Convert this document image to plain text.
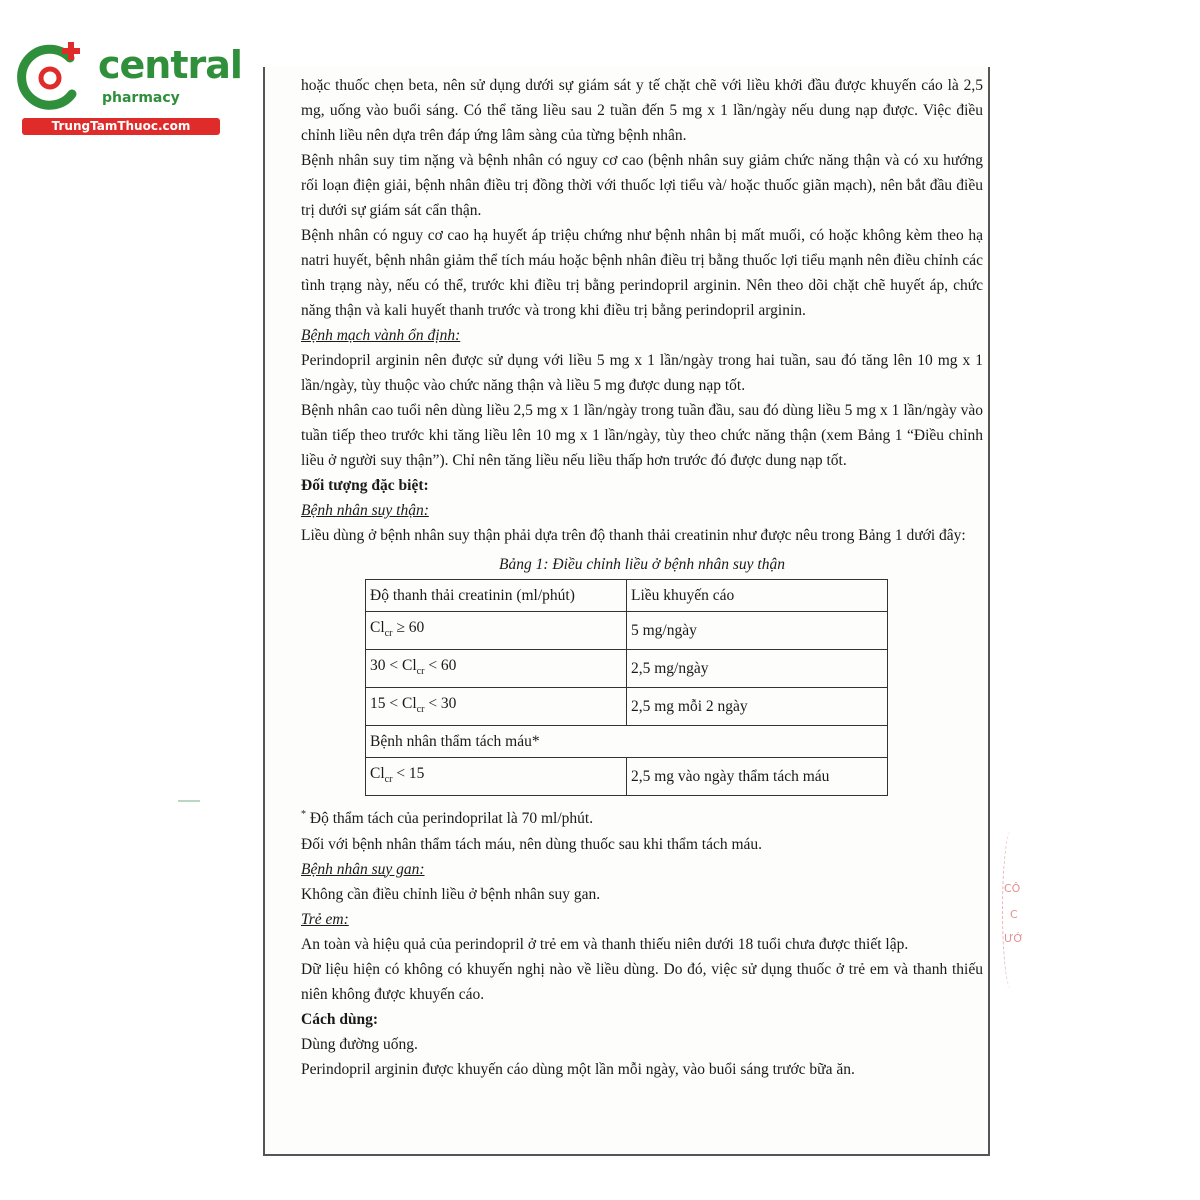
central
pharmacy
TrungTamThuoc.com

hoặc thuốc chẹn beta, nên sử dụng dưới sự giám sát y tế chặt chẽ với liều khởi đầu được khuyến cáo là 2,5 mg, uống vào buổi sáng. Có thể tăng liều sau 2 tuần đến 5 mg x 1 lần/ngày nếu dung nạp được. Việc điều chỉnh liều nên dựa trên đáp ứng lâm sàng của từng bệnh nhân.

Bệnh nhân suy tim nặng và bệnh nhân có nguy cơ cao (bệnh nhân suy giảm chức năng thận và có xu hướng rối loạn điện giải, bệnh nhân điều trị đồng thời với thuốc lợi tiểu và/ hoặc thuốc giãn mạch), nên bắt đầu điều trị dưới sự giám sát cẩn thận.

Bệnh nhân có nguy cơ cao hạ huyết áp triệu chứng như bệnh nhân bị mất muối, có hoặc không kèm theo hạ natri huyết, bệnh nhân giảm thể tích máu hoặc bệnh nhân điều trị bằng thuốc lợi tiểu mạnh nên điều chỉnh các tình trạng này, nếu có thể, trước khi điều trị bằng perindopril arginin. Nên theo dõi chặt chẽ huyết áp, chức năng thận và kali huyết thanh trước và trong khi điều trị bằng perindopril arginin.

Bệnh mạch vành ổn định:

Perindopril arginin nên được sử dụng với liều 5 mg x 1 lần/ngày trong hai tuần, sau đó tăng lên 10 mg x 1 lần/ngày, tùy thuộc vào chức năng thận và liều 5 mg được dung nạp tốt.

Bệnh nhân cao tuổi nên dùng liều 2,5 mg x 1 lần/ngày trong tuần đầu, sau đó dùng liều 5 mg x 1 lần/ngày vào tuần tiếp theo trước khi tăng liều lên 10 mg x 1 lần/ngày, tùy theo chức năng thận (xem Bảng 1 “Điều chỉnh liều ở người suy thận”). Chỉ nên tăng liều nếu liều thấp hơn trước đó được dung nạp tốt.

Đối tượng đặc biệt:

Bệnh nhân suy thận:

Liều dùng ở bệnh nhân suy thận phải dựa trên độ thanh thải creatinin như được nêu trong Bảng 1 dưới đây:

Bảng 1: Điều chỉnh liều ở bệnh nhân suy thận

Độ thanh thải creatinin (ml/phút)	Liều khuyến cáo
$Cl_{cr} \ge 60$	5 mg/ngày
$30 < Cl_{cr} < 60$	2,5 mg/ngày
$15 < Cl_{cr} < 30$	2,5 mg mỗi 2 ngày
Bệnh nhân thẩm tách máu*	
$Cl_{cr} < 15$	2,5 mg vào ngày thẩm tách máu

* Độ thẩm tách của perindoprilat là 70 ml/phút.

Đối với bệnh nhân thẩm tách máu, nên dùng thuốc sau khi thẩm tách máu.

Bệnh nhân suy gan:

Không cần điều chỉnh liều ở bệnh nhân suy gan.

Trẻ em:

An toàn và hiệu quả của perindopril ở trẻ em và thanh thiếu niên dưới 18 tuổi chưa được thiết lập.

Dữ liệu hiện có không có khuyến nghị nào về liều dùng. Do đó, việc sử dụng thuốc ở trẻ em và thanh thiếu niên không được khuyến cáo.

Cách dùng:

Dùng đường uống.

Perindopril arginin được khuyến cáo dùng một lần mỗi ngày, vào buổi sáng trước bữa ăn.

CÔ
C
ƯỚ
